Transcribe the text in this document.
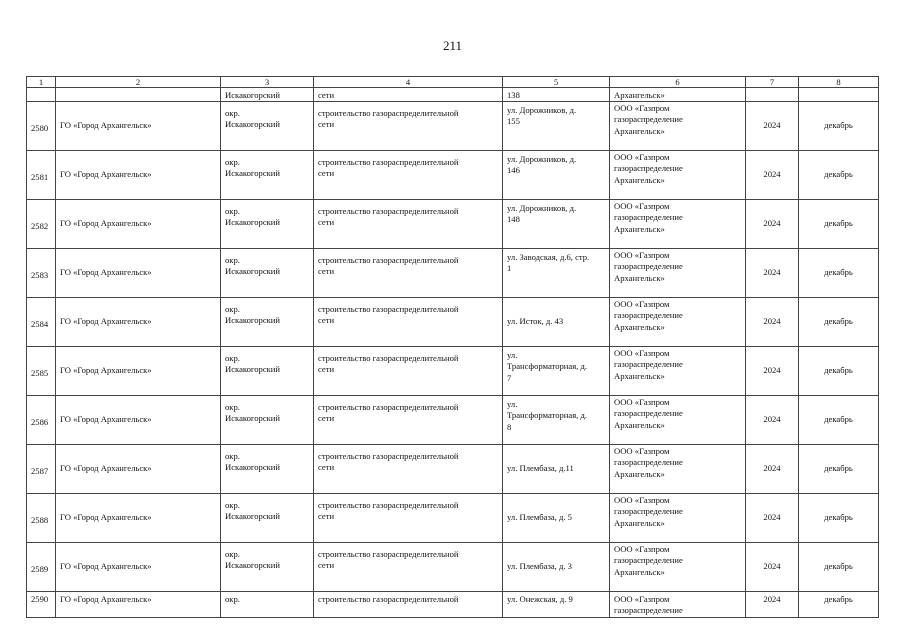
211
1	2	3	4	5	6	7	8
		Искакогорский	сети	138	Архангельск»		
2580	ГО «Город Архангельск»	окр.
Искакогорский	строительство газораспределительной
сети	ул. Дорожников, д.
155	ООО «Газпром
газораспределение
Архангельск»	2024	декабрь
2581	ГО «Город Архангельск»	окр.
Искакогорский	строительство газораспределительной
сети	ул. Дорожников, д.
146	ООО «Газпром
газораспределение
Архангельск»	2024	декабрь
2582	ГО «Город Архангельск»	окр.
Искакогорский	строительство газораспределительной
сети	ул. Дорожников, д.
148	ООО «Газпром
газораспределение
Архангельск»	2024	декабрь
2583	ГО «Город Архангельск»	окр.
Искакогорский	строительство газораспределительной
сети	ул. Заводская, д.6, стр.
1	ООО «Газпром
газораспределение
Архангельск»	2024	декабрь
2584	ГО «Город Архангельск»	окр.
Искакогорский	строительство газораспределительной
сети	ул. Исток, д. 43	ООО «Газпром
газораспределение
Архангельск»	2024	декабрь
2585	ГО «Город Архангельск»	окр.
Искакогорский	строительство газораспределительной
сети	ул.
Трансформаторная, д.
7	ООО «Газпром
газораспределение
Архангельск»	2024	декабрь
2586	ГО «Город Архангельск»	окр.
Искакогорский	строительство газораспределительной
сети	ул.
Трансформаторная, д.
8	ООО «Газпром
газораспределение
Архангельск»	2024	декабрь
2587	ГО «Город Архангельск»	окр.
Искакогорский	строительство газораспределительной
сети	ул. Плембаза, д.11	ООО «Газпром
газораспределение
Архангельск»	2024	декабрь
2588	ГО «Город Архангельск»	окр.
Искакогорский	строительство газораспределительной
сети	ул. Плембаза, д. 5	ООО «Газпром
газораспределение
Архангельск»	2024	декабрь
2589	ГО «Город Архангельск»	окр.
Искакогорский	строительство газораспределительной
сети	ул. Плембаза, д. 3	ООО «Газпром
газораспределение
Архангельск»	2024	декабрь
2590	ГО «Город Архангельск»	окр.	строительство газораспределительной	ул. Онежская, д. 9	ООО «Газпром
газораспределение	2024	декабрь
